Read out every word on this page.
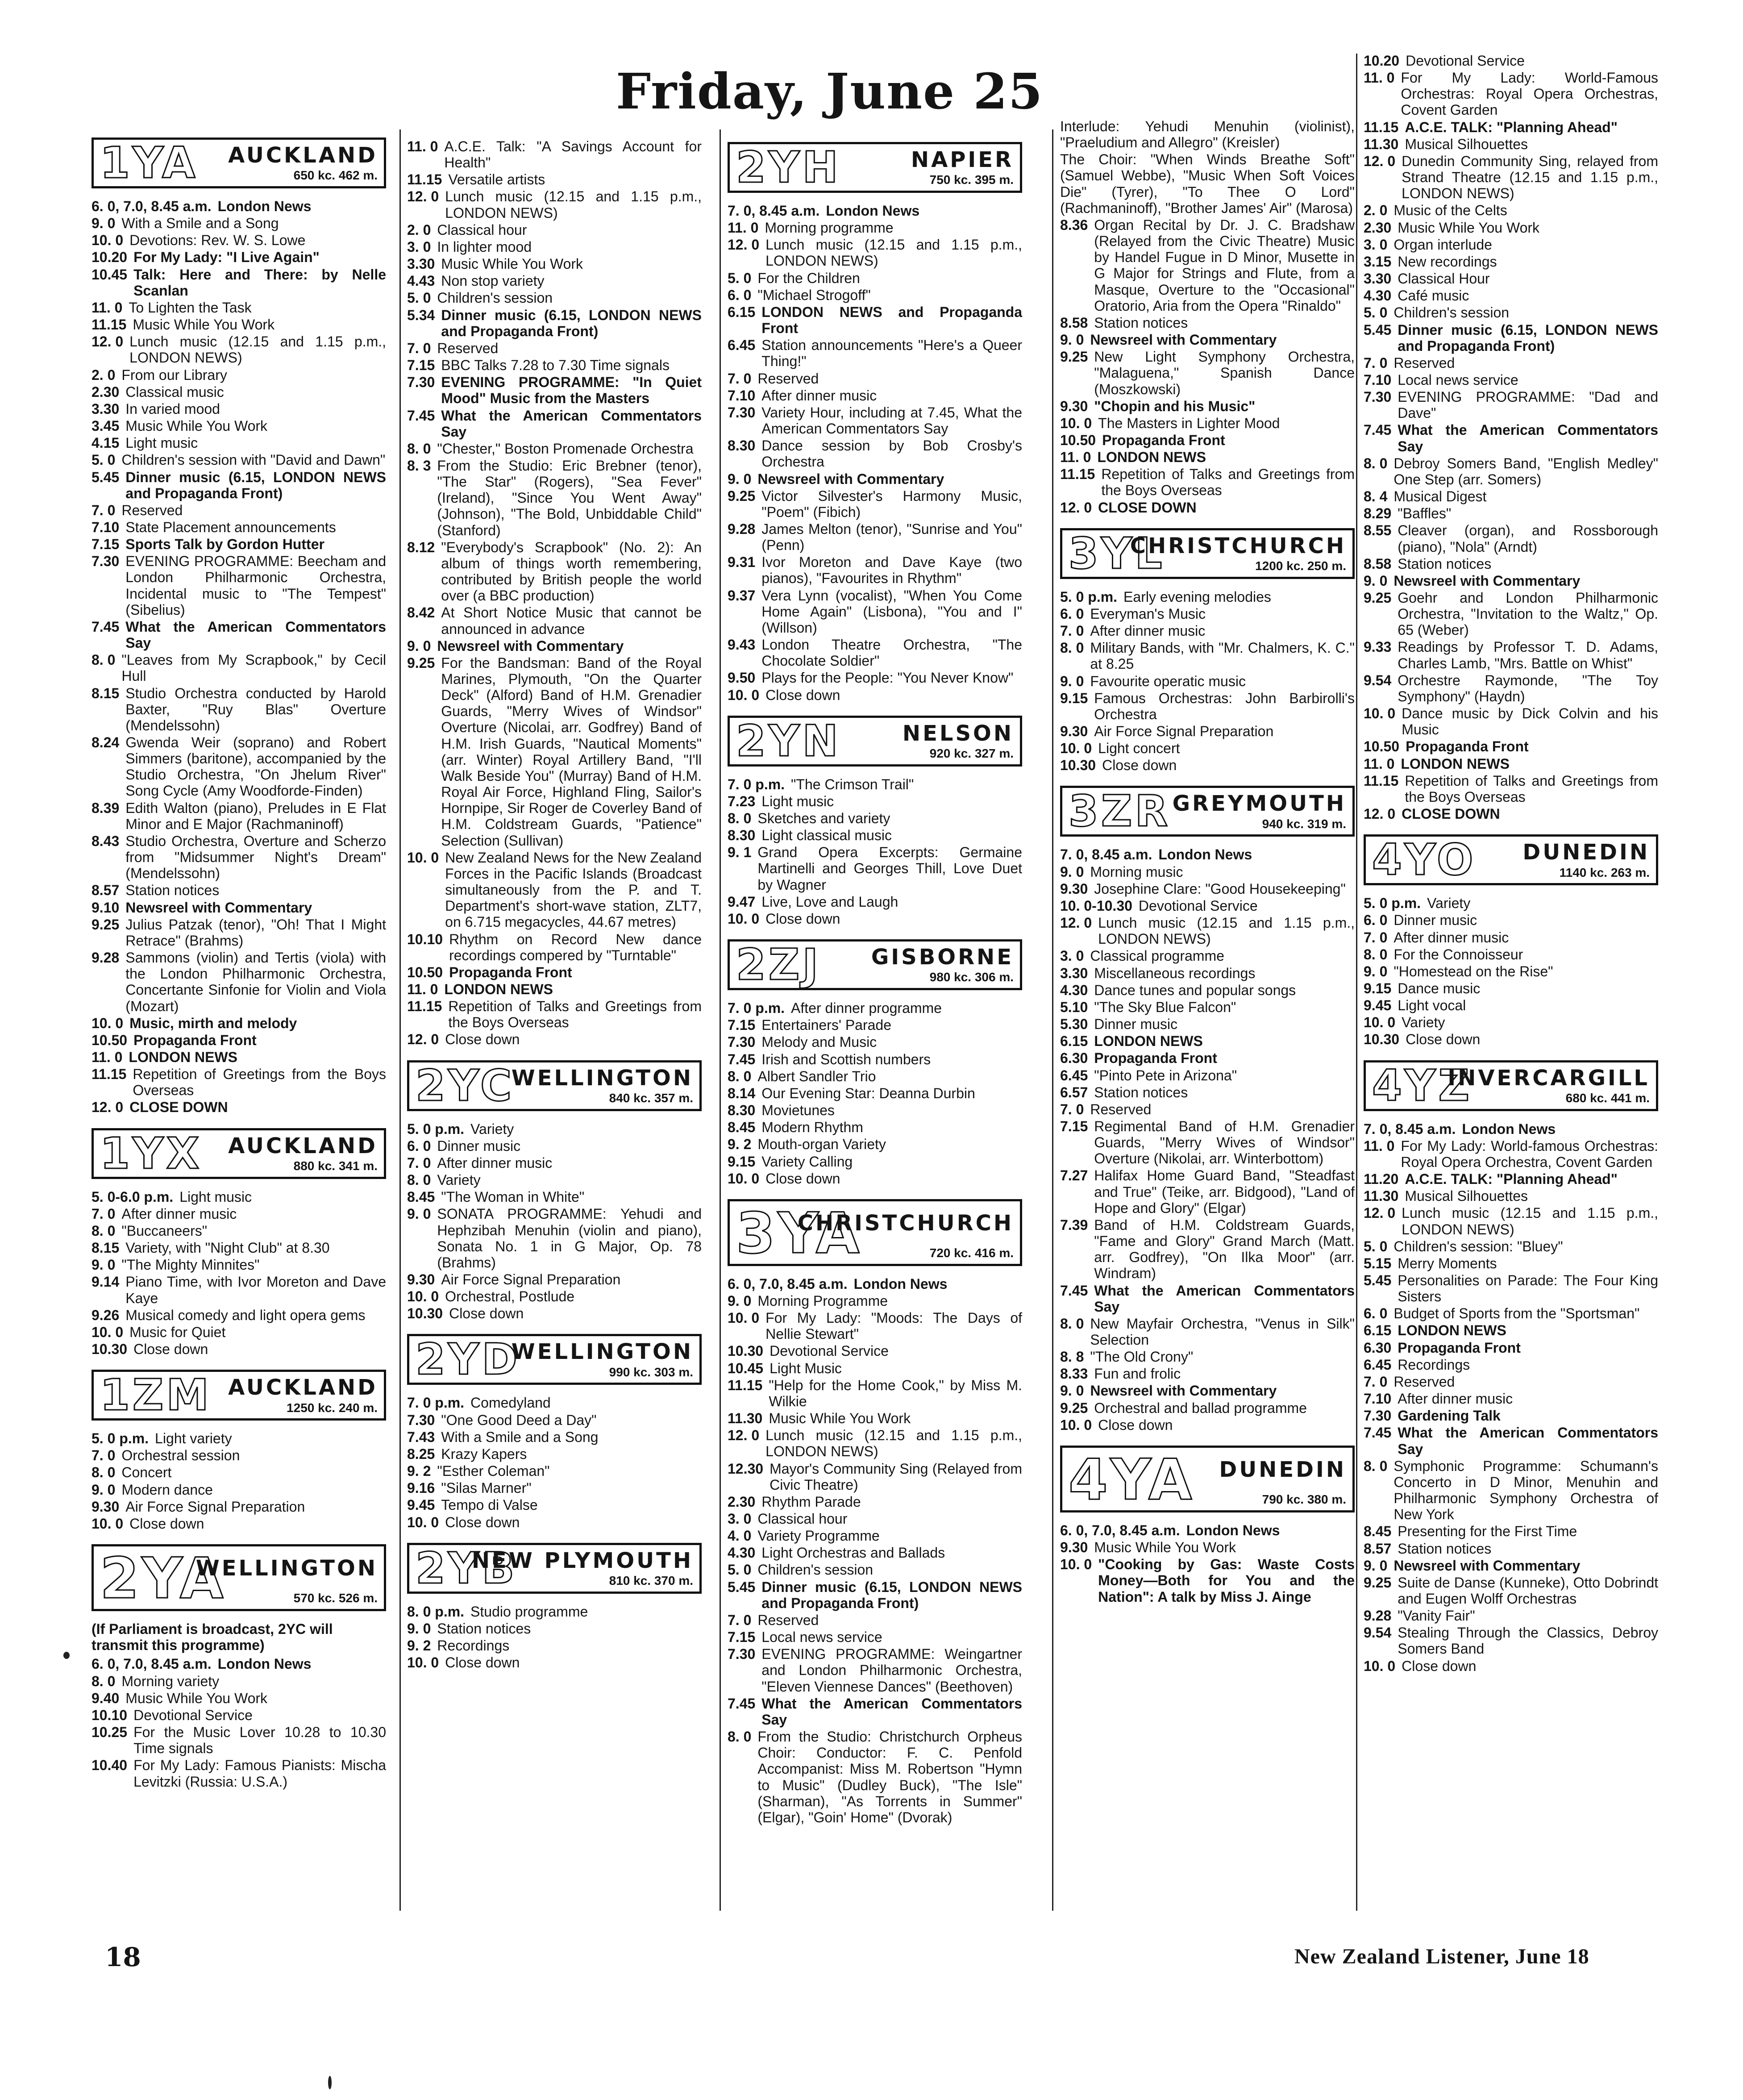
Friday, June 25
1YA AUCKLAND
650 kc. 462 m.
6. 0, 7.0, 8.45 a.m. London News
9. 0 With a Smile and a Song
10. 0 Devotions: Rev. W. S. Lowe
10.20 For My Lady: "I Live Again"
10.45 Talk: Here and There: by Nelle Scanlan
11. 0 To Lighten the Task
11.15 Music While You Work
12. 0 Lunch music (12.15 and 1.15 p.m., LONDON NEWS)
2. 0 From our Library
2.30 Classical music
3.30 In varied mood
3.45 Music While You Work
4.15 Light music
5. 0 Children's session with "David and Dawn"
5.45 Dinner music (6.15, LONDON NEWS and Propaganda Front)
7. 0 Reserved
7.10 State Placement announcements
7.15 Sports Talk by Gordon Hutter
7.30 EVENING PROGRAMME: Beecham and London Philharmonic Orchestra, Incidental music to "The Tempest" (Sibelius)
7.45 What the American Commentators Say
8. 0 "Leaves from My Scrapbook," by Cecil Hull
8.15 Studio Orchestra conducted by Harold Baxter, "Ruy Blas" Overture (Mendelssohn)
8.24 Gwenda Weir (soprano) and Robert Simmers (baritone), accompanied by the Studio Orchestra, "On Jhelum River" Song Cycle (Amy Woodforde-Finden)
8.39 Edith Walton (piano), Preludes in E Flat Minor and E Major (Rachmaninoff)
8.43 Studio Orchestra, Overture and Scherzo from "Midsummer Night's Dream" (Mendelssohn)
8.57 Station notices
9.10 Newsreel with Commentary
9.25 Julius Patzak (tenor), "Oh! That I Might Retrace" (Brahms)
9.28 Sammons (violin) and Tertis (viola) with the London Philharmonic Orchestra, Concertante Sinfonie for Violin and Viola (Mozart)
10. 0 Music, mirth and melody
10.50 Propaganda Front
11. 0 LONDON NEWS
11.15 Repetition of Greetings from the Boys Overseas
12. 0 CLOSE DOWN
1YX AUCKLAND
880 kc. 341 m.
5. 0-6.0 p.m. Light music
7. 0 After dinner music
8. 0 "Buccaneers"
8.15 Variety, with "Night Club" at 8.30
9. 0 "The Mighty Minnites"
9.14 Piano Time, with Ivor Moreton and Dave Kaye
9.26 Musical comedy and light opera gems
10. 0 Music for Quiet
10.30 Close down
1ZM AUCKLAND
1250 kc. 240 m.
5. 0 p.m. Light variety
7. 0 Orchestral session
8. 0 Concert
9. 0 Modern dance
9.30 Air Force Signal Preparation
10. 0 Close down
2YA
WELLINGTON
570 kc. 526 m.
(If Parliament is broadcast, 2YC will transmit this programme)
6. 0, 7.0, 8.45 a.m. London News
8. 0 Morning variety
9.40 Music While You Work
10.10 Devotional Service
10.25 For the Music Lover 10.28 to 10.30 Time signals
10.40 For My Lady: Famous Pianists: Mischa Levitzki (Russia: U.S.A.)
11. 0 A.C.E. Talk: "A Savings Account for Health"
11.15 Versatile artists
12. 0 Lunch music (12.15 and 1.15 p.m., LONDON NEWS)
2. 0 Classical hour
3. 0 In lighter mood
3.30 Music While You Work
4.43 Non stop variety
5. 0 Children's session
5.34 Dinner music (6.15, LONDON NEWS and Propaganda Front)
7. 0 Reserved
7.15 BBC Talks 7.28 to 7.30 Time signals
7.30 EVENING PROGRAMME: "In Quiet Mood" Music from the Masters
7.45 What the American Commentators Say
8. 0 "Chester," Boston Promenade Orchestra
8. 3 From the Studio: Eric Brebner (tenor), "The Star" (Rogers), "Sea Fever" (Ireland), "Since You Went Away" (Johnson), "The Bold, Unbiddable Child" (Stanford)
8.12 "Everybody's Scrapbook" (No. 2): An album of things worth remembering, contributed by British people the world over (a BBC production)
8.42 At Short Notice Music that cannot be announced in advance
9. 0 Newsreel with Commentary
9.25 For the Bandsman: Band of the Royal Marines, Plymouth, "On the Quarter Deck" (Alford) Band of H.M. Grenadier Guards, "Merry Wives of Windsor" Overture (Nicolai, arr. Godfrey) Band of H.M. Irish Guards, "Nautical Moments" (arr. Winter) Royal Artillery Band, "I'll Walk Beside You" (Murray) Band of H.M. Royal Air Force, Highland Fling, Sailor's Hornpipe, Sir Roger de Coverley Band of H.M. Coldstream Guards, "Patience" Selection (Sullivan)
10. 0 New Zealand News for the New Zealand Forces in the Pacific Islands (Broadcast simultaneously from the P. and T. Department's short-wave station, ZLT7, on 6.715 megacycles, 44.67 metres)
10.10 Rhythm on Record New dance recordings compered by "Turntable"
10.50 Propaganda Front
11. 0 LONDON NEWS
11.15 Repetition of Talks and Greetings from the Boys Overseas
12. 0 Close down
2YC
WELLINGTON
840 kc. 357 m.
5. 0 p.m. Variety
6. 0 Dinner music
7. 0 After dinner music
8. 0 Variety
8.45 "The Woman in White"
9. 0 SONATA PROGRAMME: Yehudi and Hephzibah Menuhin (violin and piano), Sonata No. 1 in G Major, Op. 78 (Brahms)
9.30 Air Force Signal Preparation
10. 0 Orchestral, Postlude
10.30 Close down
2YD
WELLINGTON
990 kc. 303 m.
7. 0 p.m. Comedyland
7.30 "One Good Deed a Day"
7.43 With a Smile and a Song
8.25 Krazy Kapers
9. 2 "Esther Coleman"
9.16 "Silas Marner"
9.45 Tempo di Valse
10. 0 Close down
2YB
NEW PLYMOUTH
810 kc. 370 m.
8. 0 p.m. Studio programme
9. 0 Station notices
9. 2 Recordings
10. 0 Close down
2YH	NAPIER
750 kc. 395 m.
7. 0, 8.45 a.m. London News
11. 0 Morning programme
12. 0 Lunch music (12.15 and 1.15 p.m., LONDON NEWS)
5. 0 For the Children
6. 0 "Michael Strogoff"
6.15 LONDON NEWS and Propaganda Front
6.45 Station announcements "Here's a Queer Thing!"
7. 0 Reserved
7.10 After dinner music
7.30 Variety Hour, including at 7.45, What the American Commentators Say
8.30 Dance session by Bob Crosby's Orchestra
9. 0 Newsreel with Commentary
9.25 Victor Silvester's Harmony Music, "Poem" (Fibich)
9.28 James Melton (tenor), "Sunrise and You" (Penn)
9.31 Ivor Moreton and Dave Kaye (two pianos), "Favourites in Rhythm"
9.37 Vera Lynn (vocalist), "When You Come Home Again" (Lisbona), "You and I" (Willson)
9.43 London Theatre Orchestra, "The Chocolate Soldier"
9.50 Plays for the People: "You Never Know"
10. 0 Close down
2YN	NELSON
920 kc. 327 m.
7. 0 p.m. "The Crimson Trail"
7.23 Light music
8. 0 Sketches and variety
8.30 Light classical music
9. 1 Grand Opera Excerpts: Germaine Martinelli and Georges Thill, Love Duet by Wagner
9.47 Live, Love and Laugh
10. 0 Close down
2ZJ GISBORNE
980 kc. 306 m.
7. 0 p.m. After dinner programme
7.15 Entertainers' Parade
7.30 Melody and Music
7.45 Irish and Scottish numbers
8. 0 Albert Sandler Trio
8.14 Our Evening Star: Deanna Durbin
8.30 Movietunes
8.45 Modern Rhythm
9. 2 Mouth-organ Variety
9.15 Variety Calling
10. 0 Close down
3YA
CHRISTCHURCH
720 kc. 416 m.
6. 0, 7.0, 8.45 a.m. London News
9. 0 Morning Programme
10. 0 For My Lady: "Moods: The Days of Nellie Stewart"
10.30 Devotional Service
10.45 Light Music
11.15 "Help for the Home Cook," by Miss M. Wilkie
11.30 Music While You Work
12. 0 Lunch music (12.15 and 1.15 p.m., LONDON NEWS)
12.30 Mayor's Community Sing (Relayed from Civic Theatre)
2.30 Rhythm Parade
3. 0 Classical hour
4. 0 Variety Programme
4.30 Light Orchestras and Ballads
5. 0 Children's session
5.45 Dinner music (6.15, LONDON NEWS and Propaganda Front)
7. 0 Reserved
7.15 Local news service
7.30 EVENING PROGRAMME: Weingartner and London Philharmonic Orchestra, "Eleven Viennese Dances" (Beethoven)
7.45 What the American Commentators Say
8. 0 From the Studio: Christchurch Orpheus Choir: Conductor: F. C. Penfold Accompanist: Miss M. Robertson "Hymn to Music" (Dudley Buck), "The Isle" (Sharman), "As Torrents in Summer" (Elgar), "Goin' Home" (Dvorak)
Interlude: Yehudi Menuhin (violinist), "Praeludium and Allegro" (Kreisler)
The Choir: "When Winds Breathe Soft" (Samuel Webbe), "Music When Soft Voices Die" (Tyrer), "To Thee O Lord" (Rachmaninoff), "Brother James' Air" (Marosa)
8.36 Organ Recital by Dr. J. C. Bradshaw (Relayed from the Civic Theatre) Music by Handel Fugue in D Minor, Musette in G Major for Strings and Flute, from a Masque, Overture to the "Occasional" Oratorio, Aria from the Opera "Rinaldo"
8.58 Station notices
9. 0 Newsreel with Commentary
9.25 New Light Symphony Orchestra, "Malaguena," Spanish Dance (Moszkowski)
9.30 "Chopin and his Music"
10. 0 The Masters in Lighter Mood
10.50 Propaganda Front
11. 0 LONDON NEWS
11.15 Repetition of Talks and Greetings from the Boys Overseas
12. 0 CLOSE DOWN
3YL
CHRISTCHURCH
1200 kc. 250 m.
5. 0 p.m. Early evening melodies
6. 0 Everyman's Music
7. 0 After dinner music
8. 0 Military Bands, with "Mr. Chalmers, K. C." at 8.25
9. 0 Favourite operatic music
9.15 Famous Orchestras: John Barbirolli's Orchestra
9.30 Air Force Signal Preparation
10. 0 Light concert
10.30 Close down
3ZR GREYMOUTH
940 kc. 319 m.
7. 0, 8.45 a.m. London News
9. 0 Morning music
9.30 Josephine Clare: "Good Housekeeping"
10. 0-10.30 Devotional Service
12. 0 Lunch music (12.15 and 1.15 p.m., LONDON NEWS)
3. 0 Classical programme
3.30 Miscellaneous recordings
4.30 Dance tunes and popular songs
5.10 "The Sky Blue Falcon"
5.30 Dinner music
6.15 LONDON NEWS
6.30 Propaganda Front
6.45 "Pinto Pete in Arizona"
6.57 Station notices
7. 0 Reserved
7.15 Regimental Band of H.M. Grenadier Guards, "Merry Wives of Windsor" Overture (Nikolai, arr. Winterbottom)
7.27 Halifax Home Guard Band, "Steadfast and True" (Teike, arr. Bidgood), "Land of Hope and Glory" (Elgar)
7.39 Band of H.M. Coldstream Guards, "Fame and Glory" Grand March (Matt. arr. Godfrey), "On Ilka Moor" (arr. Windram)
7.45 What the American Commentators Say
8. 0 New Mayfair Orchestra, "Venus in Silk" Selection
8. 8 "The Old Crony"
8.33 Fun and frolic
9. 0 Newsreel with Commentary
9.25 Orchestral and ballad programme
10. 0 Close down
4YA DUNEDIN
790 kc. 380 m.
6. 0, 7.0, 8.45 a.m. London News
9.30 Music While You Work
10. 0 "Cooking by Gas: Waste Costs Money—Both for You and the Nation": A talk by Miss J. Ainge
10.20 Devotional Service
11. 0 For My Lady: World-Famous Orchestras: Royal Opera Orchestras, Covent Garden
11.15 A.C.E. TALK: "Planning Ahead"
11.30 Musical Silhouettes
12. 0 Dunedin Community Sing, relayed from Strand Theatre (12.15 and 1.15 p.m., LONDON NEWS)
2. 0 Music of the Celts
2.30 Music While You Work
3. 0 Organ interlude
3.15 New recordings
3.30 Classical Hour
4.30 Café music
5. 0 Children's session
5.45 Dinner music (6.15, LONDON NEWS and Propaganda Front)
7. 0 Reserved
7.10 Local news service
7.30 EVENING PROGRAMME: "Dad and Dave"
7.45 What the American Commentators Say
8. 0 Debroy Somers Band, "English Medley" One Step (arr. Somers)
8. 4 Musical Digest
8.29 "Baffles"
8.55 Cleaver (organ), and Rossborough (piano), "Nola" (Arndt)
8.58 Station notices
9. 0 Newsreel with Commentary
9.25 Goehr and London Philharmonic Orchestra, "Invitation to the Waltz," Op. 65 (Weber)
9.33 Readings by Professor T. D. Adams, Charles Lamb, "Mrs. Battle on Whist"
9.54 Orchestre Raymonde, "The Toy Symphony" (Haydn)
10. 0 Dance music by Dick Colvin and his Music
10.50 Propaganda Front
11. 0 LONDON NEWS
11.15 Repetition of Talks and Greetings from the Boys Overseas
12. 0 CLOSE DOWN
4YO DUNEDIN
1140 kc. 263 m.
5. 0 p.m. Variety
6. 0 Dinner music
7. 0 After dinner music
8. 0 For the Connoisseur
9. 0 "Homestead on the Rise"
9.15 Dance music
9.45 Light vocal
10. 0 Variety
10.30 Close down
4YZ
INVERCARGILL
680 kc. 441 m.
7. 0, 8.45 a.m. London News
11. 0 For My Lady: World-famous Orchestras: Royal Opera Orchestra, Covent Garden
11.20 A.C.E. TALK: "Planning Ahead"
11.30 Musical Silhouettes
12. 0 Lunch music (12.15 and 1.15 p.m., LONDON NEWS)
5. 0 Children's session: "Bluey"
5.15 Merry Moments
5.45 Personalities on Parade: The Four King Sisters
6. 0 Budget of Sports from the "Sportsman"
6.15 LONDON NEWS
6.30 Propaganda Front
6.45 Recordings
7. 0 Reserved
7.10 After dinner music
7.30 Gardening Talk
7.45 What the American Commentators Say
8. 0 Symphonic Programme: Schumann's Concerto in D Minor, Menuhin and Philharmonic Symphony Orchestra of New York
8.45 Presenting for the First Time
8.57 Station notices
9. 0 Newsreel with Commentary
9.25 Suite de Danse (Kunneke), Otto Dobrindt and Eugen Wolff Orchestras
9.28 "Vanity Fair"
9.54 Stealing Through the Classics, Debroy Somers Band
10. 0 Close down
18	New Zealand Listener, June 18
